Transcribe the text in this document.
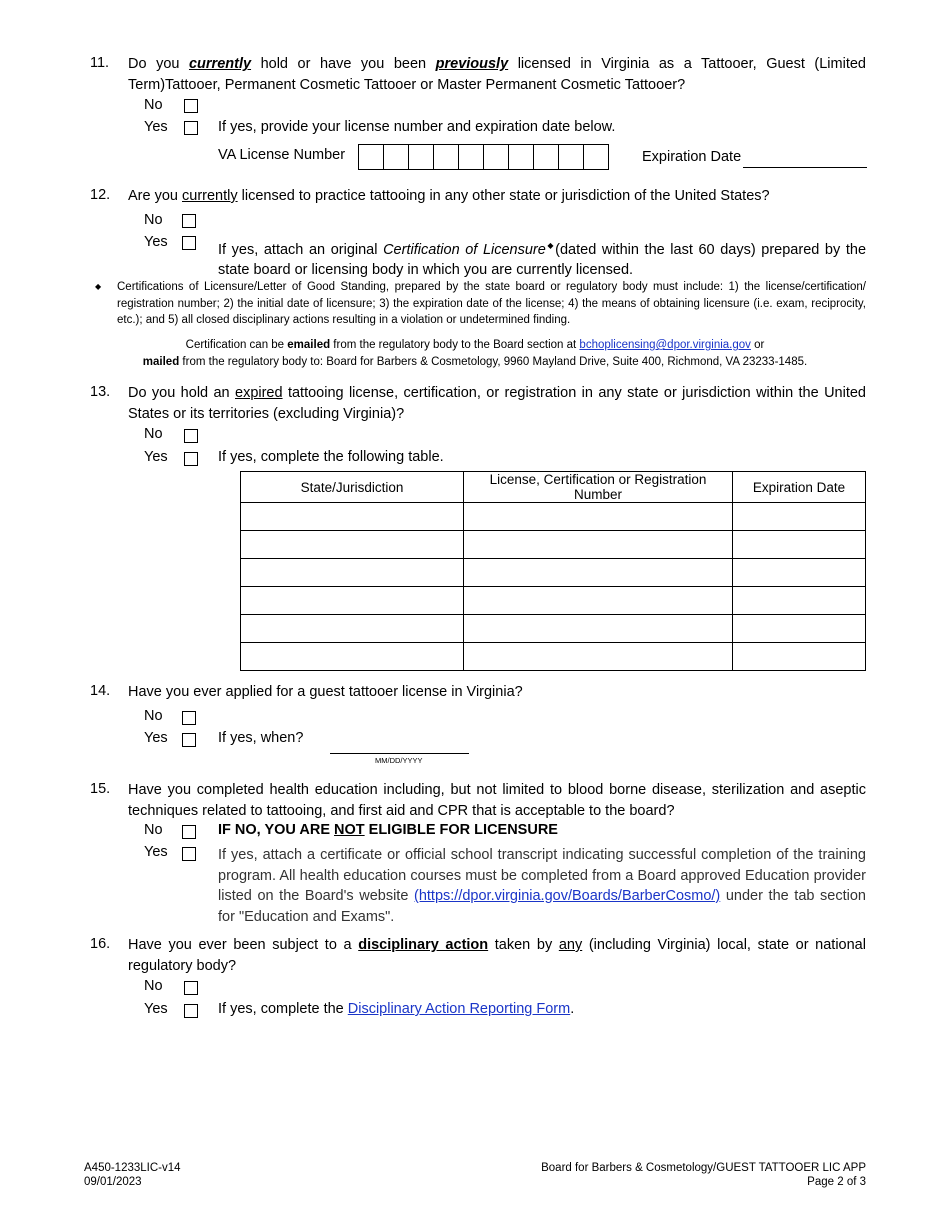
11. Do you currently hold or have you been previously licensed in Virginia as a Tattooer, Guest (Limited Term)Tattooer, Permanent Cosmetic Tattooer or Master Permanent Cosmetic Tattooer?
No
Yes	If yes, provide your license number and expiration date below.
VA License Number	Expiration Date
12. Are you currently licensed to practice tattooing in any other state or jurisdiction of the United States?
No
Yes	If yes, attach an original Certification of Licensure◆(dated within the last 60 days) prepared by the state board or licensing body in which you are currently licensed.
◆ Certifications of Licensure/Letter of Good Standing, prepared by the state board or regulatory body must include: 1) the license/certification/ registration number; 2) the initial date of licensure; 3) the expiration date of the license; 4) the means of obtaining licensure (i.e. exam, reciprocity, etc.); and 5) all closed disciplinary actions resulting in a violation or undetermined finding.
Certification can be emailed from the regulatory body to the Board section at bchoplicensing@dpor.virginia.gov or
mailed from the regulatory body to: Board for Barbers & Cosmetology, 9960 Mayland Drive, Suite 400, Richmond, VA 23233-1485.
13. Do you hold an expired tattooing license, certification, or registration in any state or jurisdiction within the United States or its territories (excluding Virginia)?
No
Yes	If yes, complete the following table.
State/Jurisdiction	License, Certification or Registration Number	Expiration Date

14. Have you ever applied for a guest tattooer license in Virginia?
No
Yes	If yes, when?
MM/DD/YYYY
15. Have you completed health education including, but not limited to blood borne disease, sterilization and aseptic techniques related to tattooing, and first aid and CPR that is acceptable to the board?
No	IF NO, YOU ARE NOT ELIGIBLE FOR LICENSURE
Yes	If yes, attach a certificate or official school transcript indicating successful completion of the training program. All health education courses must be completed from a Board approved Education provider listed on the Board's website (https://dpor.virginia.gov/Boards/BarberCosmo/) under the tab section for "Education and Exams".
16. Have you ever been subject to a disciplinary action taken by any (including Virginia) local, state or national regulatory body?
No
Yes	If yes, complete the Disciplinary Action Reporting Form.
A450-1233LIC-v14
09/01/2023
Board for Barbers & Cosmetology/GUEST TATTOOER LIC APP
Page 2 of 3
